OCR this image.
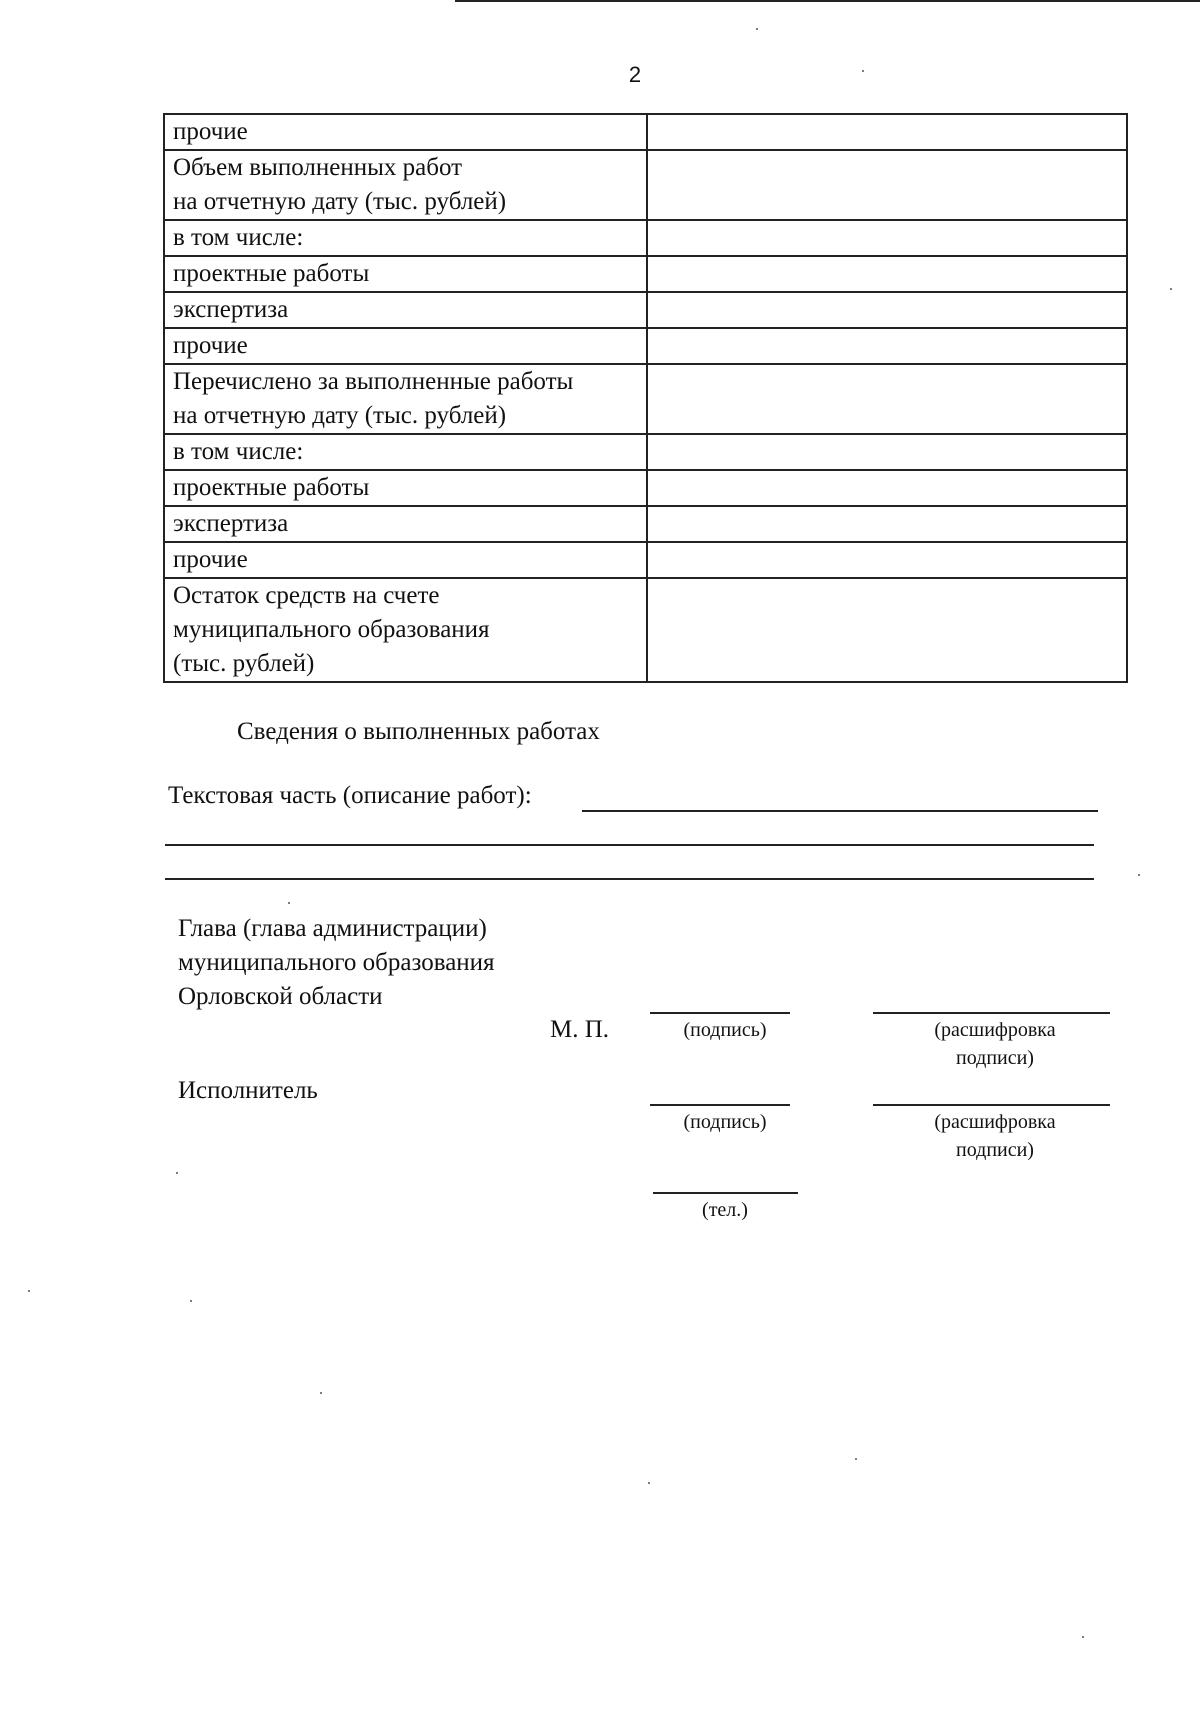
2
прочие	

Объем выполненных работ
на отчетную дату (тыс. рублей)	

в том числе:	

проектные работы	

экспертиза	

прочие	

Перечислено за выполненные работы
на отчетную дату (тыс. рублей)	

в том числе:	

проектные работы	

экспертиза	

прочие	

Остаток средств на счете
муниципального образования
(тыс. рублей)	

Сведения о выполненных работах
Текстовая часть (описание работ):
Глава (глава администрации)
муниципального образования
Орловской области
М. П.	(подпись)	(расшифровка
подписи)
Исполнитель
(подпись)	(расшифровка
подписи)
(тел.)
